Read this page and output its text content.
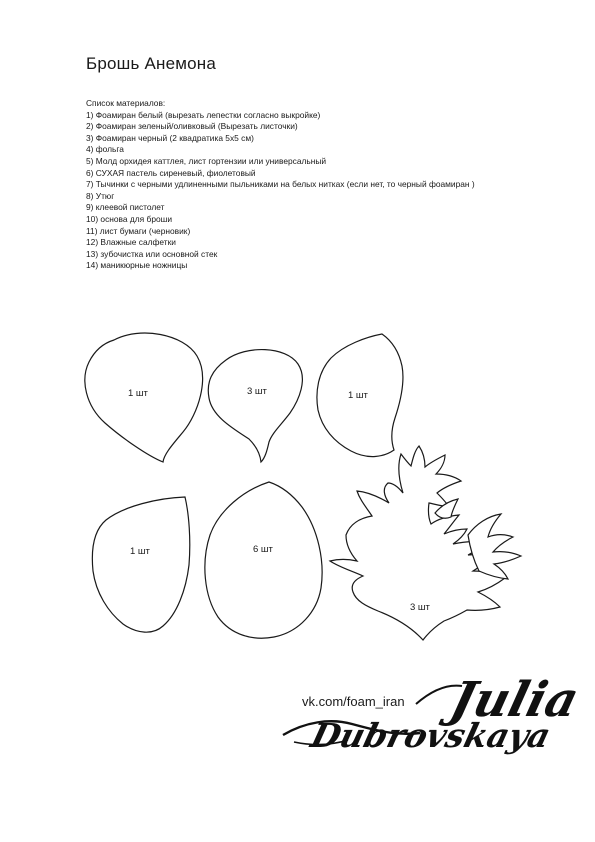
Брошь Анемона
Список материалов:
1) Фоамиран белый (вырезать лепестки согласно выкройке)
2) Фоамиран зеленый/оливковый (Вырезать листочки)
3) Фоамиран черный (2 квадратика 5х5 см)
4) фольга
5) Молд орхидея каттлея, лист гортензии или универсальный
6) СУХАЯ пастель сиреневый, фиолетовый
7) Тычинки с черными удлиненными пыльниками на белых нитках (если нет, то черный фоамиран )
8) Утюг
9) клеевой пистолет
10) основа для броши
11) лист бумаги (черновик)
12) Влажные салфетки
13) зубочистка или основной стек
14) маникюрные ножницы
1 шт	3 шт	1 шт
1 шт	6 шт
3 шт
vk.com/foam_iran Julia
Dubrovskaya
